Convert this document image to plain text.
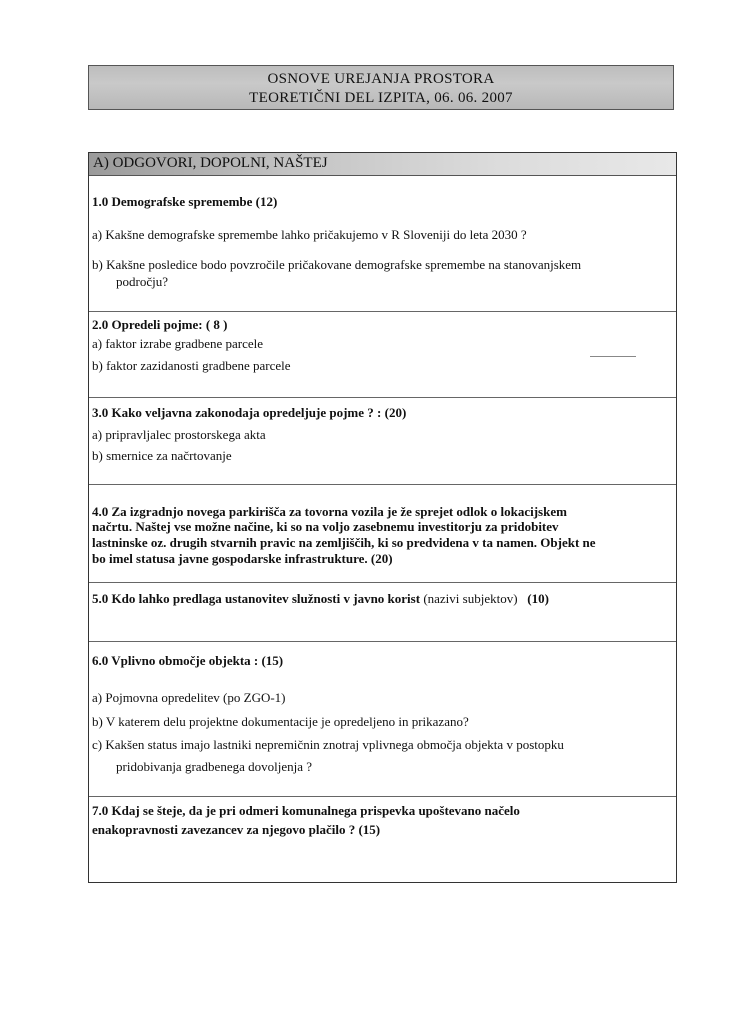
OSNOVE UREJANJA PROSTORA
TEORETIČNI DEL IZPITA, 06. 06. 2007
A) ODGOVORI, DOPOLNI, NAŠTEJ
1.0 Demografske spremembe (12)
a) Kakšne demografske spremembe lahko pričakujemo v R Sloveniji do leta 2030 ?
b) Kakšne posledice bodo povzročile pričakovane demografske spremembe na stanovanjskem
področju?
2.0 Opredeli pojme: ( 8 )
a) faktor izrabe gradbene parcele
b) faktor zazidanosti gradbene parcele
3.0 Kako veljavna zakonodaja opredeljuje pojme ? : (20)
a) pripravljalec prostorskega akta
b) smernice za načrtovanje
4.0 Za izgradnjo novega parkirišča za tovorna vozila je že sprejet odlok o lokacijskem
načrtu. Naštej vse možne načine, ki so na voljo zasebnemu investitorju za pridobitev
lastninske oz. drugih stvarnih pravic na zemljiščih, ki so predvidena v ta namen. Objekt ne
bo imel statusa javne gospodarske infrastrukture. (20)
5.0 Kdo lahko predlaga ustanovitev služnosti v javno korist (nazivi subjektov) (10)
6.0 Vplivno območje objekta : (15)
a) Pojmovna opredelitev (po ZGO-1)
b) V katerem delu projektne dokumentacije je opredeljeno in prikazano?
c) Kakšen status imajo lastniki nepremičnin znotraj vplivnega območja objekta v postopku
pridobivanja gradbenega dovoljenja ?
7.0 Kdaj se šteje, da je pri odmeri komunalnega prispevka upoštevano načelo
enakopravnosti zavezancev za njegovo plačilo ? (15)
